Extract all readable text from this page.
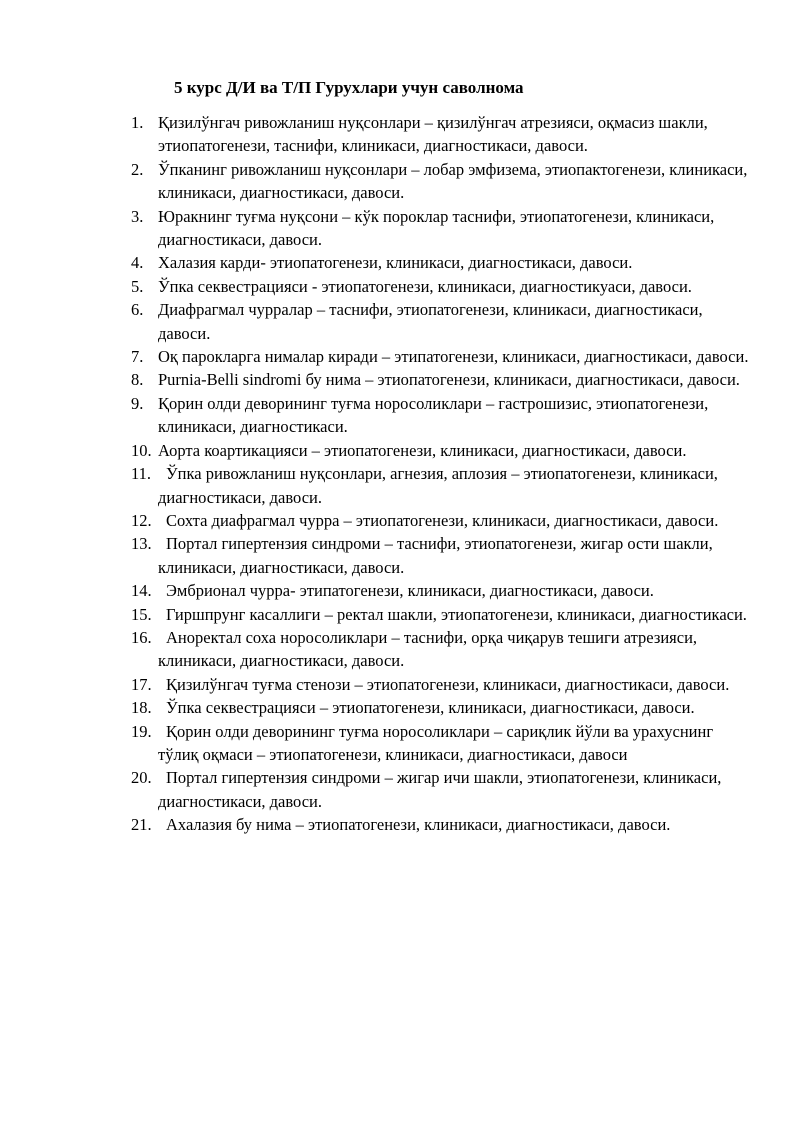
5 курс Д/И ва Т/П Гурухлари учун саволнома
1. Қизилўнгач ривожланиш нуқсонлари – қизилўнгач атрезияси, оқмасиз шакли, этиопатогенези, таснифи, клиникаси, диагностикаси, давоси.
2. Ўпканинг ривожланиш нуқсонлари – лобар эмфизема, этиопактогенези, клиникаси, клиникаси, диагностикаси, давоси.
3. Юракнинг туғма нуқсони – кўк пороклар таснифи, этиопатогенези, клиникаси, диагностикаси, давоси.
4. Халазия карди- этиопатогенези, клиникаси, диагностикаси, давоси.
5. Ўпка секвестрацияси - этиопатогенези, клиникаси, диагностикуаси, давоси.
6. Диафрагмал чурралар – таснифи, этиопатогенези, клиникаси, диагностикаси, давоси.
7. Оқ парокларга нималар киради – этипатогенези, клиникаси, диагностикаси, давоси.
8. Purnia-Belli sindromi бу нима – этиопатогенези, клиникаси, диагностикаси, давоси.
9. Қорин олди деворининг туғма норосоликлари – гастрошизис, этиопатогенези, клиникаси, диагностикаси.
10. Аорта коартикацияси – этиопатогенези, клиникаси, диагностикаси, давоси.
11. Ўпка ривожланиш нуқсонлари, агнезия, аплозия – этиопатогенези, клиникаси, диагностикаси, давоси.
12. Сохта диафрагмал чурра – этиопатогенези, клиникаси, диагностикаси, давоси.
13. Портал гипертензия синдроми – таснифи, этиопатогенези, жигар ости шакли, клиникаси, диагностикаси, давоси.
14. Эмбрионал чурра- этипатогенези, клиникаси, диагностикаси, давоси.
15. Гиршпрунг касаллиги – ректал шакли, этиопатогенези, клиникаси, диагностикаси.
16. Аноректал соха норосоликлари – таснифи, орқа чиқарув тешиги атрезияси, клиникаси, диагностикаси, давоси.
17. Қизилўнгач туғма стенози – этиопатогенези, клиникаси, диагностикаси, давоси.
18. Ўпка секвестрацияси – этиопатогенези, клиникаси, диагностикаси, давоси.
19. Қорин олди деворининг туғма норосоликлари – сариқлик йўли ва урахуснинг тўлиқ оқмаси – этиопатогенези, клиникаси, диагностикаси, давоси
20. Портал гипертензия синдроми – жигар ичи шакли, этиопатогенези, клиникаси, диагностикаси, давоси.
21. Ахалазия бу нима – этиопатогенези, клиникаси, диагностикаси, давоси.
